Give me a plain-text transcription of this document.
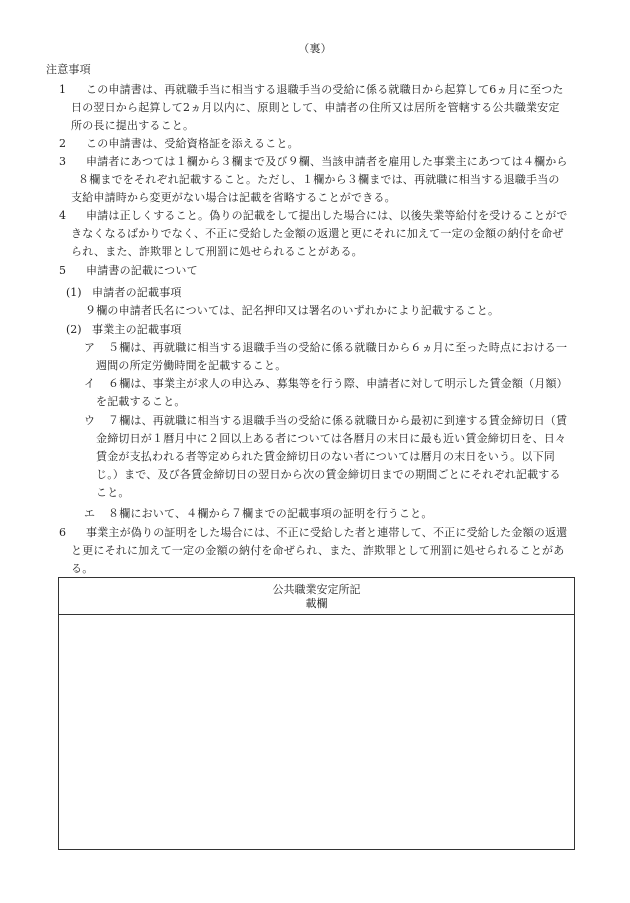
（裏）
注意事項
1 この申請書は、再就職手当に相当する退職手当の受給に係る就職日から起算して6ヵ月に至つた
日の翌日から起算して2ヵ月以内に、原則として、申請者の住所又は居所を管轄する公共職業安定
所の長に提出すること。
2 この申請書は、受給資格証を添えること。
3 申請者にあつては１欄から３欄まで及び９欄、当該申請者を雇用した事業主にあつては４欄から
８欄までをそれぞれ記載すること。ただし、１欄から３欄までは、再就職に相当する退職手当の
支給申請時から変更がない場合は記載を省略することができる。
4 申請は正しくすること。偽りの記載をして提出した場合には、以後失業等給付を受けることがで
きなくなるばかりでなく、不正に受給した金額の返還と更にそれに加えて一定の金額の納付を命ぜ
られ、また、詐欺罪として刑罰に処せられることがある。
5 申請書の記載について
(1) 申請者の記載事項
９欄の申請者氏名については、記名押印又は署名のいずれかにより記載すること。
(2) 事業主の記載事項
ア ５欄は、再就職に相当する退職手当の受給に係る就職日から６ヵ月に至った時点における一
週間の所定労働時間を記載すること。
イ ６欄は、事業主が求人の申込み、募集等を行う際、申請者に対して明示した賃金額（月額）
を記載すること。
ウ ７欄は、再就職に相当する退職手当の受給に係る就職日から最初に到達する賃金締切日（賃
金締切日が１暦月中に２回以上ある者については各暦月の末日に最も近い賃金締切日を、日々
賃金が支払われる者等定められた賃金締切日のない者については暦月の末日をいう。以下同
じ。）まで、及び各賃金締切日の翌日から次の賃金締切日までの期間ごとにそれぞれ記載する
こと。
エ ８欄において、４欄から７欄までの記載事項の証明を行うこと。
6 事業主が偽りの証明をした場合には、不正に受給した者と連帯して、不正に受給した金額の返還
と更にそれに加えて一定の金額の納付を命ぜられ、また、詐欺罪として刑罰に処せられることがあ
る。
公共職業安定所記
載欄
